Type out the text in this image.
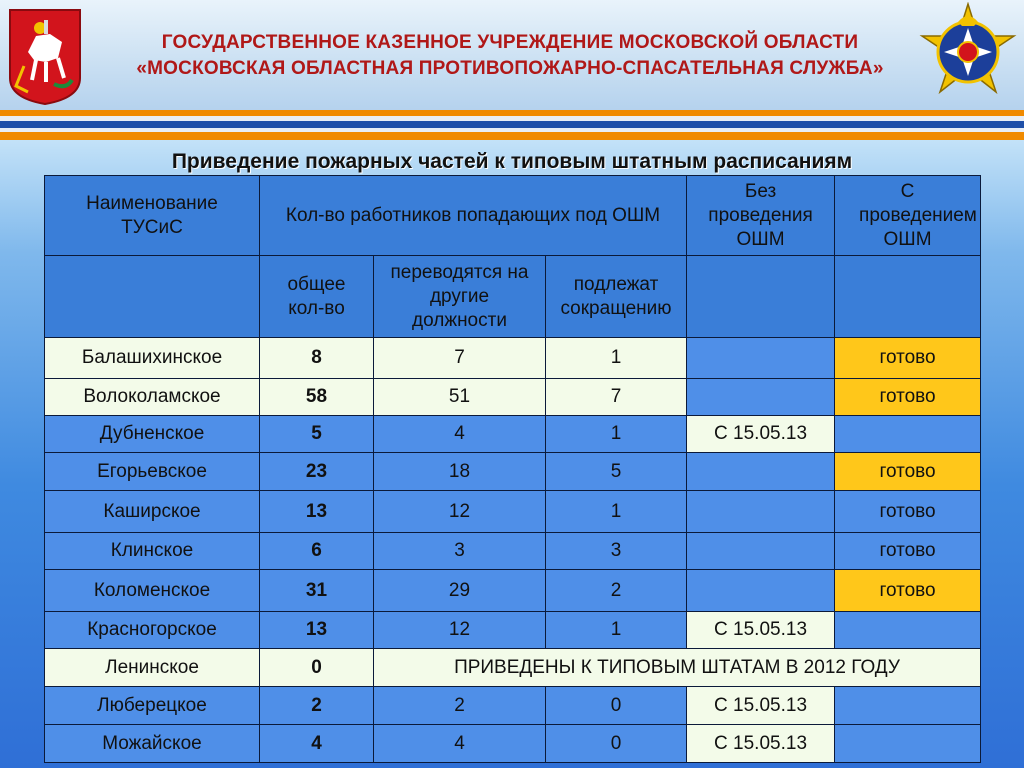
ГОСУДАРСТВЕННОЕ КАЗЕННОЕ УЧРЕЖДЕНИЕ МОСКОВСКОЙ ОБЛАСТИ
«МОСКОВСКАЯ ОБЛАСТНАЯ ПРОТИВОПОЖАРНО-СПАСАТЕЛЬНАЯ СЛУЖБА»
Приведение пожарных частей к типовым штатным расписаниям
Наименование ТУСиС	Кол-во работников попадающих под ОШМ			Без проведения ОШМ	С проведением ОШМ
	общее кол-во	переводятся на другие должности	подлежат сокращению		
Балашихинское	8	7	1		готово
Волоколамское	58	51	7		готово
Дубненское	5	4	1	С 15.05.13	
Егорьевское	23	18	5		готово
Каширское	13	12	1		готово
Клинское	6	3	3		готово
Коломенское	31	29	2		готово
Красногорское	13	12	1	С 15.05.13	
Ленинское	0	ПРИВЕДЕНЫ К ТИПОВЫМ ШТАТАМ В 2012 ГОДУ			
Люберецкое	2	2	0	С 15.05.13	
Можайское	4	4	0	С 15.05.13	
